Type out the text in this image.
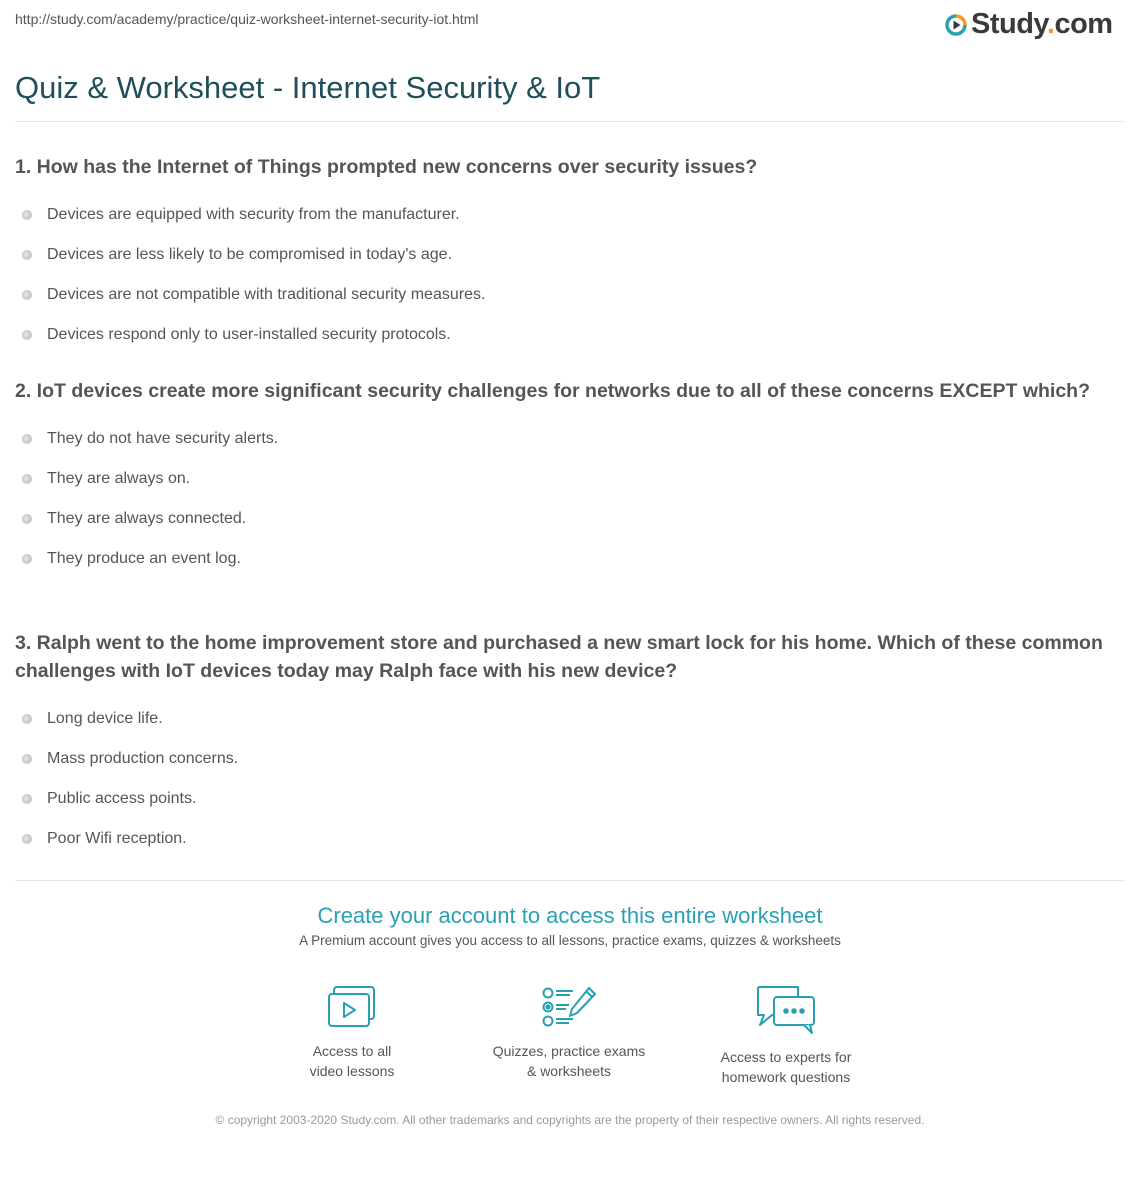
http://study.com/academy/practice/quiz-worksheet-internet-security-iot.html	Study.com
Quiz & Worksheet - Internet Security & IoT

1. How has the Internet of Things prompted new concerns over security issues?

Devices are equipped with security from the manufacturer.
Devices are less likely to be compromised in today's age.
Devices are not compatible with traditional security measures.
Devices respond only to user-installed security protocols.

2. IoT devices create more significant security challenges for networks due to all of these concerns EXCEPT which?

They do not have security alerts.
They are always on.
They are always connected.
They produce an event log.

3. Ralph went to the home improvement store and purchased a new smart lock for his home. Which of these common challenges with IoT devices today may Ralph face with his new device?

Long device life.
Mass production concerns.
Public access points.
Poor Wifi reception.
Create your account to access this entire worksheet
A Premium account gives you access to all lessons, practice exams, quizzes & worksheets
Access to all
video lessons
Quizzes, practice exams
& worksheets
Access to experts for
homework questions
© copyright 2003-2020 Study.com. All other trademarks and copyrights are the property of their respective owners. All rights reserved.
